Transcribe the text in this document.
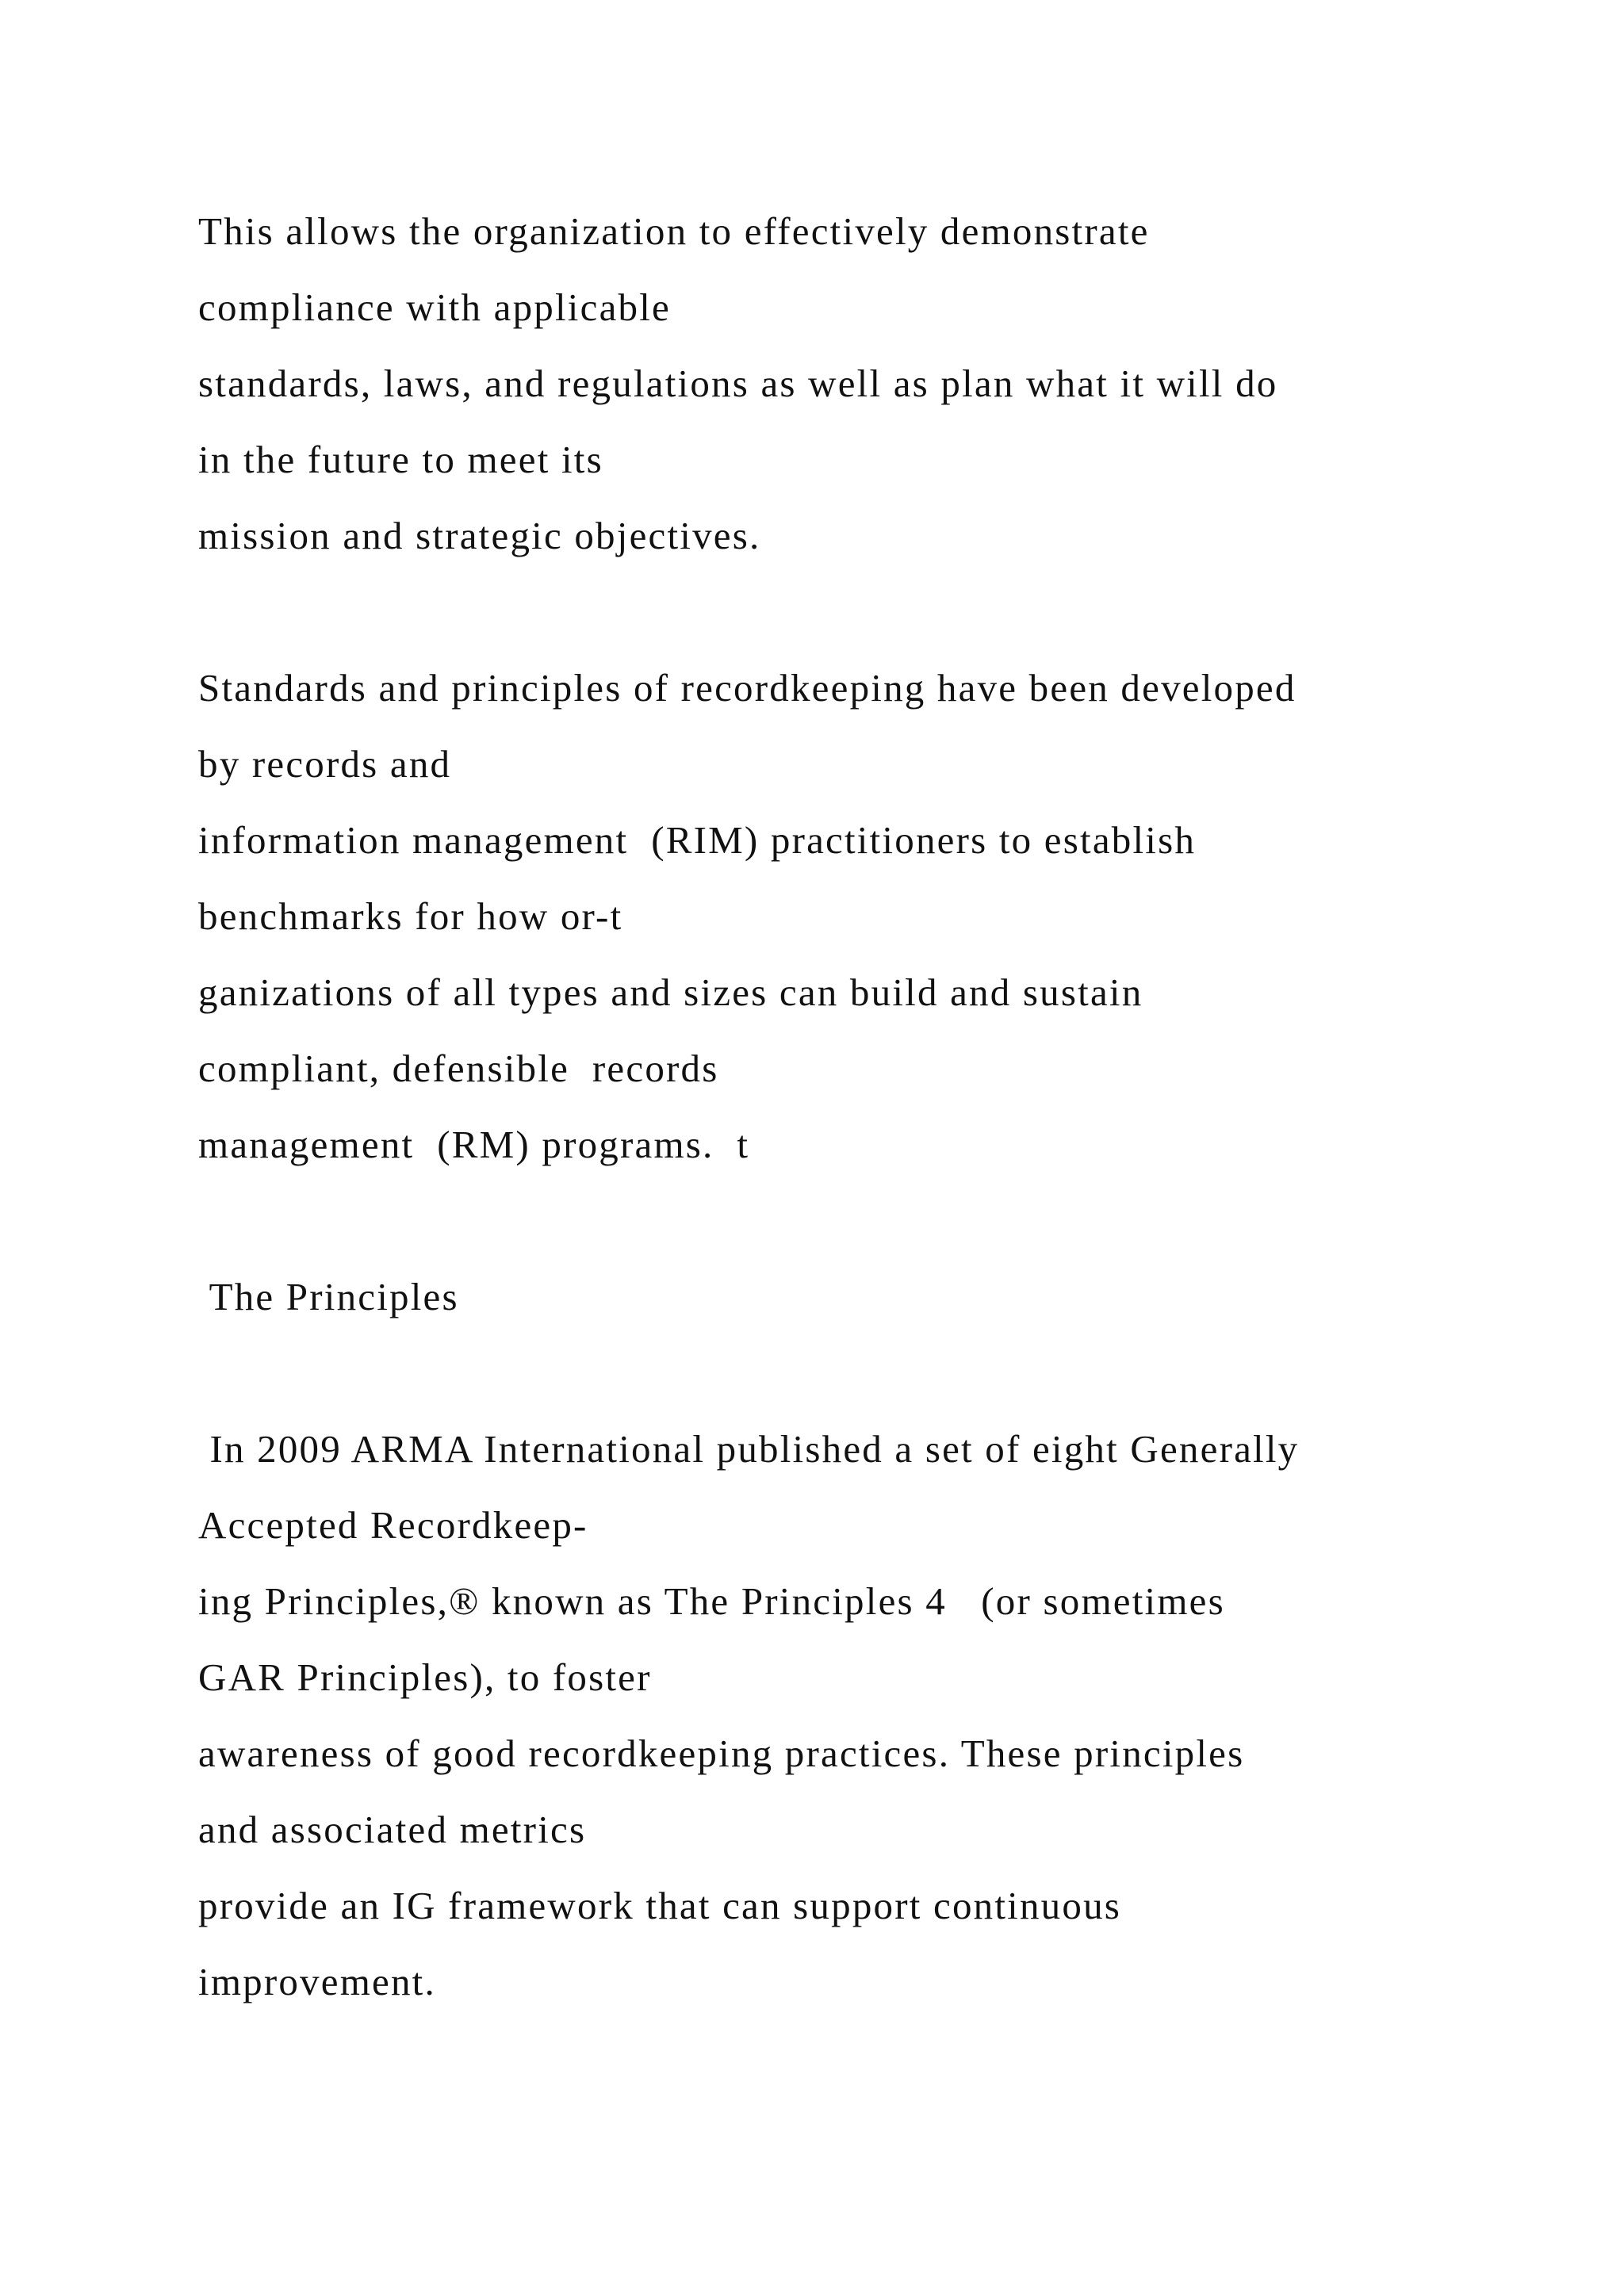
This allows the organization to effectively demonstrate
compliance with applicable
standards, laws, and regulations as well as plan what it will do
in the future to meet its
mission and strategic objectives.
Standards and principles of recordkeeping have been developed
by records and
information management  (RIM) practitioners to establish
benchmarks for how or-t
ganizations of all types and sizes can build and sustain
compliant, defensible  records
management  (RM) programs.  t
The Principles
In 2009 ARMA International published a set of eight Generally
Accepted Recordkeep-
ing Principles,® known as The Principles 4   (or sometimes
GAR Principles), to foster
awareness of good recordkeeping practices. These principles
and associated metrics
provide an IG framework that can support continuous
improvement.
